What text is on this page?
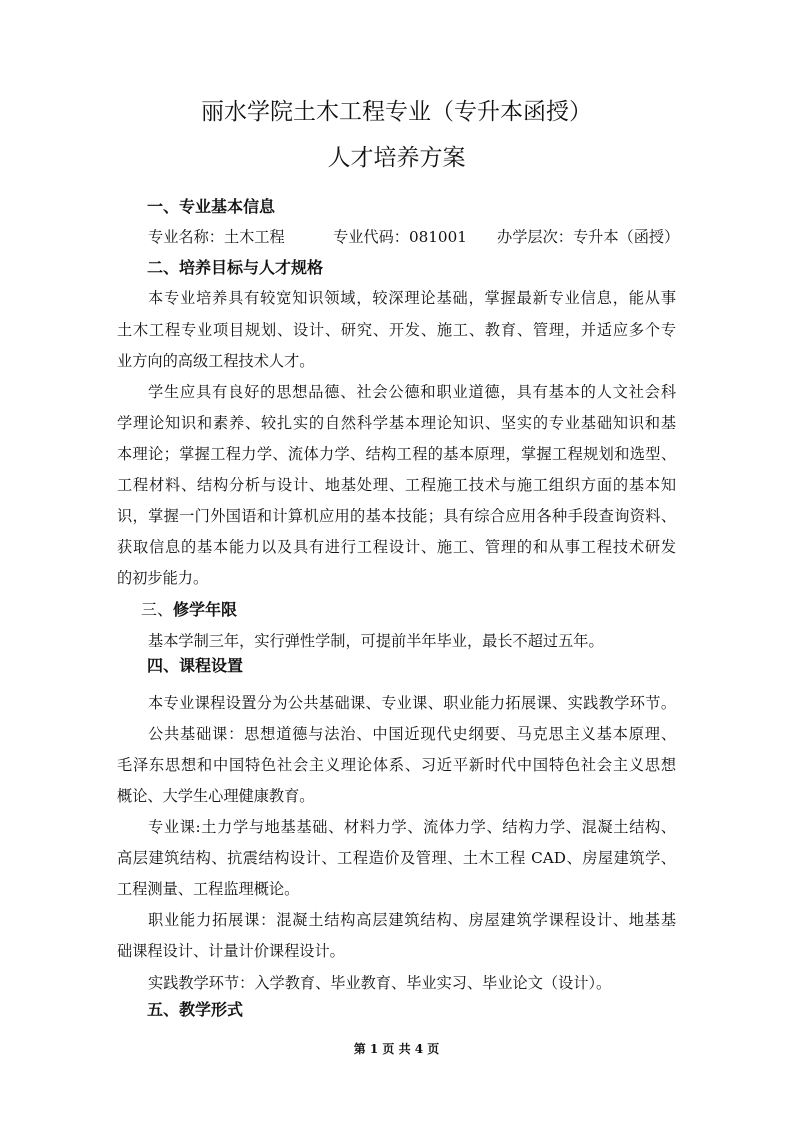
丽水学院土木工程专业（专升本函授）
人才培养方案
一、专业基本信息
专业名称：土木工程	专业代码：081001 办学层次：专升本（函授）
二、培养目标与人才规格
本专业培养具有较宽知识领域，较深理论基础，掌握最新专业信息，能从事
土木工程专业项目规划、设计、研究、开发、施工、教育、管理，并适应多个专
业方向的高级工程技术人才。
学生应具有良好的思想品德、社会公德和职业道德，具有基本的人文社会科
学理论知识和素养、较扎实的自然科学基本理论知识、坚实的专业基础知识和基
本理论；掌握工程力学、流体力学、结构工程的基本原理，掌握工程规划和选型、
工程材料、结构分析与设计、地基处理、工程施工技术与施工组织方面的基本知
识，掌握一门外国语和计算机应用的基本技能；具有综合应用各种手段查询资料、
获取信息的基本能力以及具有进行工程设计、施工、管理的和从事工程技术研发
的初步能力。
三、修学年限
基本学制三年，实行弹性学制，可提前半年毕业，最长不超过五年。
四、课程设置
本专业课程设置分为公共基础课、专业课、职业能力拓展课、实践教学环节。
公共基础课：思想道德与法治、中国近现代史纲要、马克思主义基本原理、
毛泽东思想和中国特色社会主义理论体系、习近平新时代中国特色社会主义思想
概论、大学生心理健康教育。
专业课:土力学与地基基础、材料力学、流体力学、结构力学、混凝土结构、
高层建筑结构、抗震结构设计、工程造价及管理、土木工程 CAD、房屋建筑学、
工程测量、工程监理概论。
职业能力拓展课：混凝土结构高层建筑结构、房屋建筑学课程设计、地基基
础课程设计、计量计价课程设计。
实践教学环节：入学教育、毕业教育、毕业实习、毕业论文（设计）。
五、教学形式
第 1 页 共 4 页
